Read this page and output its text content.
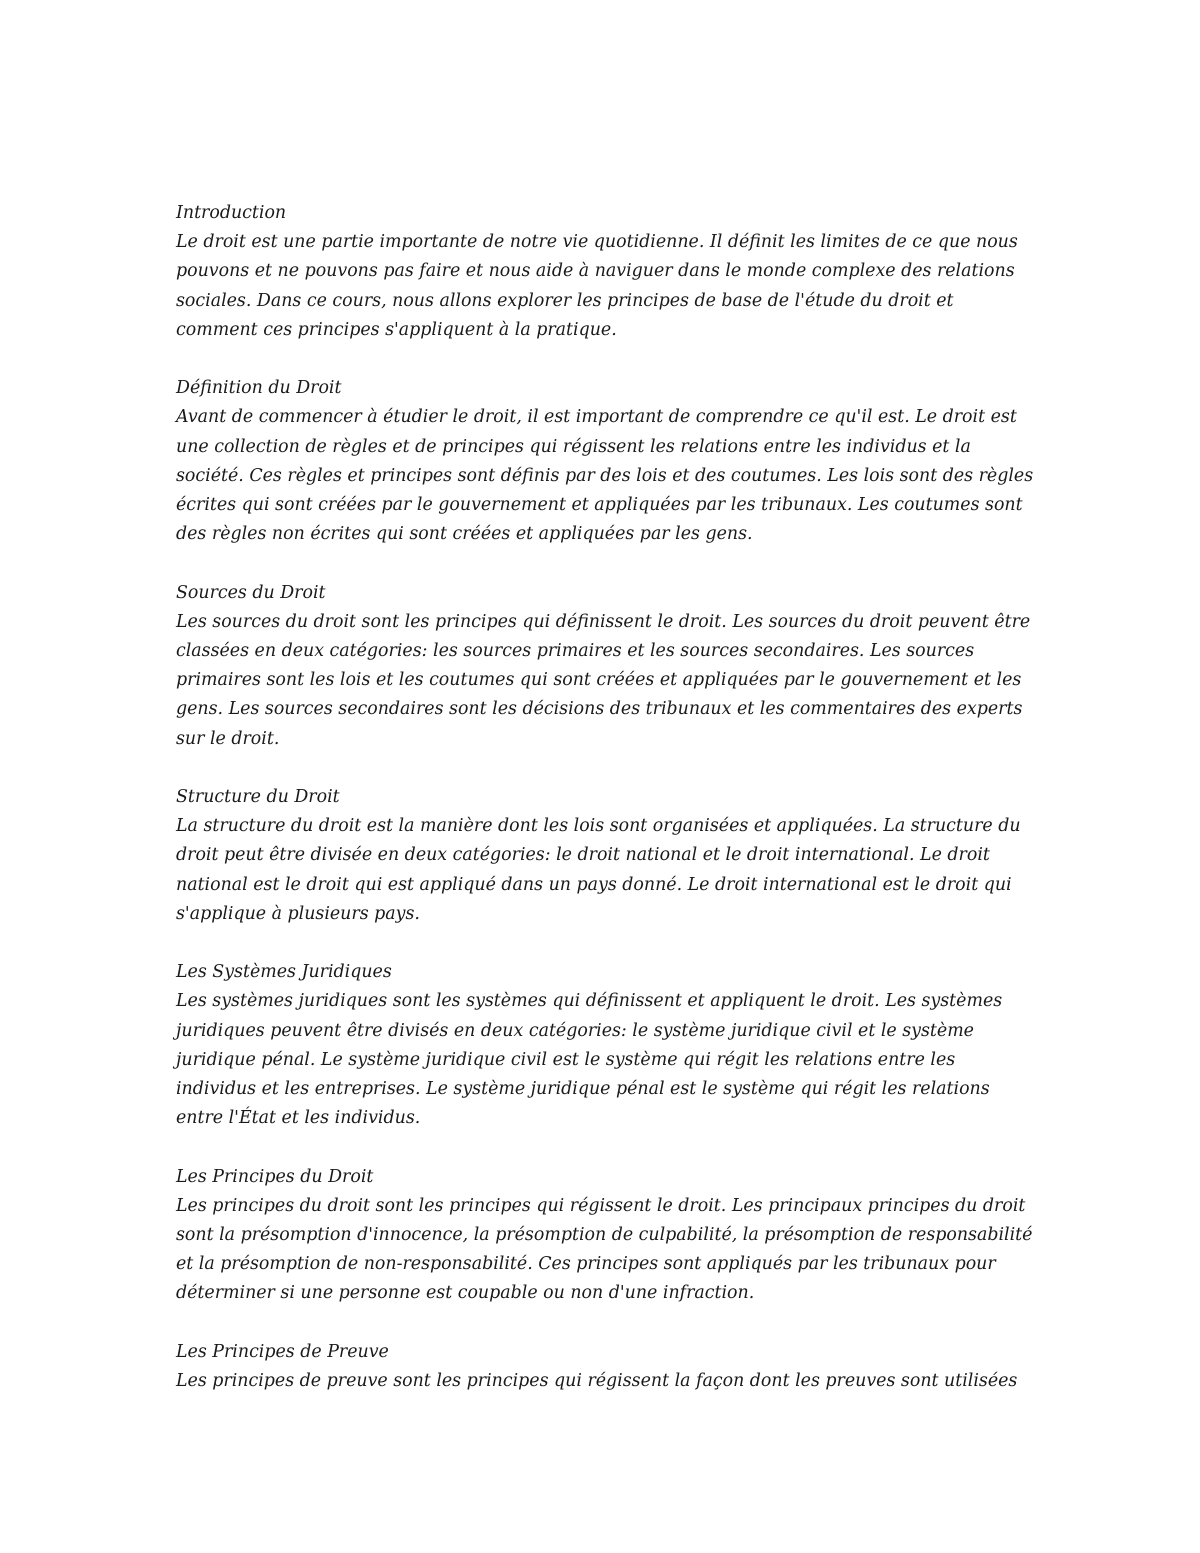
Introduction

Le droit est une partie importante de notre vie quotidienne. Il définit les limites de ce que nous pouvons et ne pouvons pas faire et nous aide à naviguer dans le monde complexe des relations sociales. Dans ce cours, nous allons explorer les principes de base de l'étude du droit et comment ces principes s'appliquent à la pratique.

Définition du Droit

Avant de commencer à étudier le droit, il est important de comprendre ce qu'il est. Le droit est une collection de règles et de principes qui régissent les relations entre les individus et la société. Ces règles et principes sont définis par des lois et des coutumes. Les lois sont des règles écrites qui sont créées par le gouvernement et appliquées par les tribunaux. Les coutumes sont des règles non écrites qui sont créées et appliquées par les gens.

Sources du Droit

Les sources du droit sont les principes qui définissent le droit. Les sources du droit peuvent être classées en deux catégories: les sources primaires et les sources secondaires. Les sources primaires sont les lois et les coutumes qui sont créées et appliquées par le gouvernement et les gens. Les sources secondaires sont les décisions des tribunaux et les commentaires des experts sur le droit.

Structure du Droit

La structure du droit est la manière dont les lois sont organisées et appliquées. La structure du droit peut être divisée en deux catégories: le droit national et le droit international. Le droit national est le droit qui est appliqué dans un pays donné. Le droit international est le droit qui s'applique à plusieurs pays.

Les Systèmes Juridiques

Les systèmes juridiques sont les systèmes qui définissent et appliquent le droit. Les systèmes juridiques peuvent être divisés en deux catégories: le système juridique civil et le système juridique pénal. Le système juridique civil est le système qui régit les relations entre les individus et les entreprises. Le système juridique pénal est le système qui régit les relations entre l'État et les individus.

Les Principes du Droit

Les principes du droit sont les principes qui régissent le droit. Les principaux principes du droit sont la présomption d'innocence, la présomption de culpabilité, la présomption de responsabilité et la présomption de non-responsabilité. Ces principes sont appliqués par les tribunaux pour déterminer si une personne est coupable ou non d'une infraction.

Les Principes de Preuve

Les principes de preuve sont les principes qui régissent la façon dont les preuves sont utilisées
